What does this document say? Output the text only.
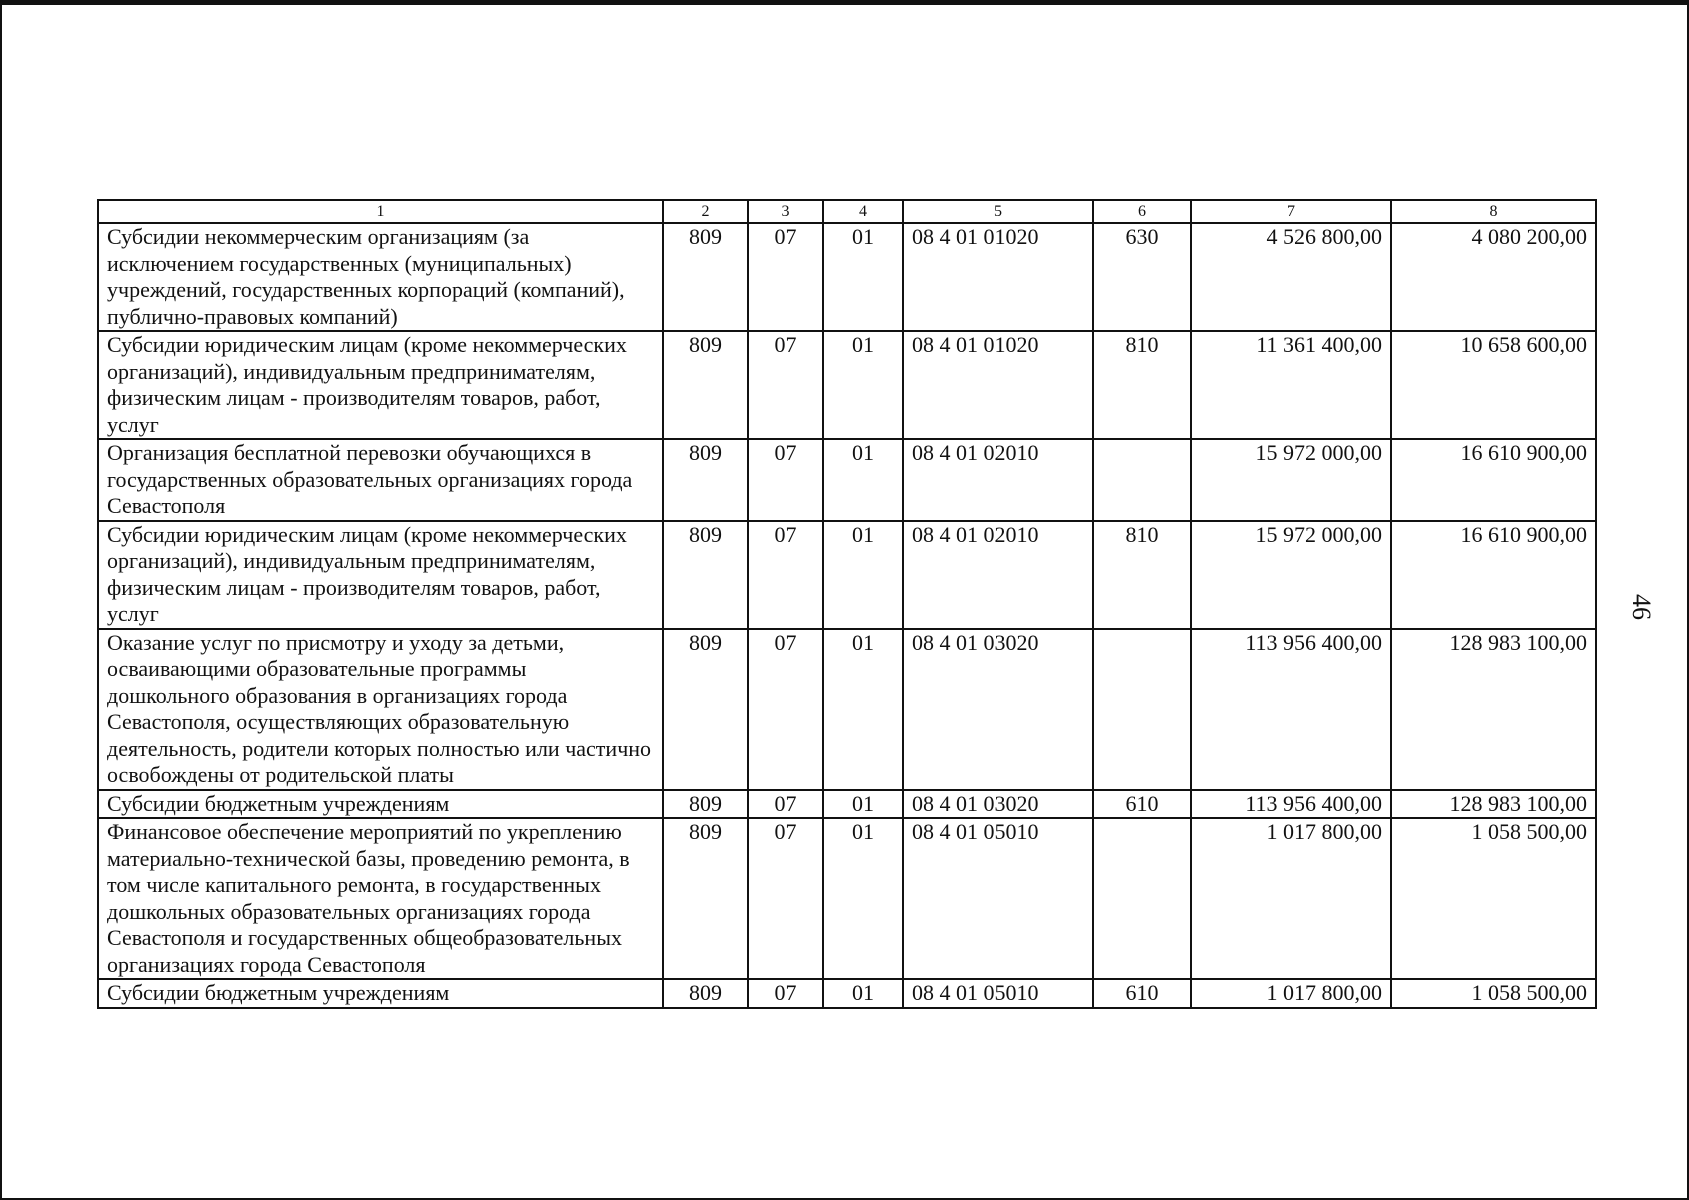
1	2	3	4	5	6	7	8
Субсидии некоммерческим организациям (за исключением государственных (муниципальных) учреждений, государственных корпораций (компаний), публично-правовых компаний)	809	07	01	08 4 01 01020	630	4 526 800,00	4 080 200,00
Субсидии юридическим лицам (кроме некоммерческих организаций), индивидуальным предпринимателям, физическим лицам - производителям товаров, работ, услуг	809	07	01	08 4 01 01020	810	11 361 400,00	10 658 600,00
Организация бесплатной перевозки обучающихся в государственных образовательных организациях города Севастополя	809	07	01	08 4 01 02010		15 972 000,00	16 610 900,00
Субсидии юридическим лицам (кроме некоммерческих организаций), индивидуальным предпринимателям, физическим лицам - производителям товаров, работ, услуг	809	07	01	08 4 01 02010	810	15 972 000,00	16 610 900,00
Оказание услуг по присмотру и уходу за детьми, осваивающими образовательные программы дошкольного образования в организациях города Севастополя, осуществляющих образовательную деятельность, родители которых полностью или частично освобождены от родительской платы	809	07	01	08 4 01 03020		113 956 400,00	128 983 100,00
Субсидии бюджетным учреждениям	809	07	01	08 4 01 03020	610	113 956 400,00	128 983 100,00
Финансовое обеспечение мероприятий по укреплению материально-технической базы, проведению ремонта, в том числе капитального ремонта, в государственных дошкольных образовательных организациях города Севастополя и государственных общеобразовательных организациях города Севастополя	809	07	01	08 4 01 05010		1 017 800,00	1 058 500,00
Субсидии бюджетным учреждениям	809	07	01	08 4 01 05010	610	1 017 800,00	1 058 500,00
46
